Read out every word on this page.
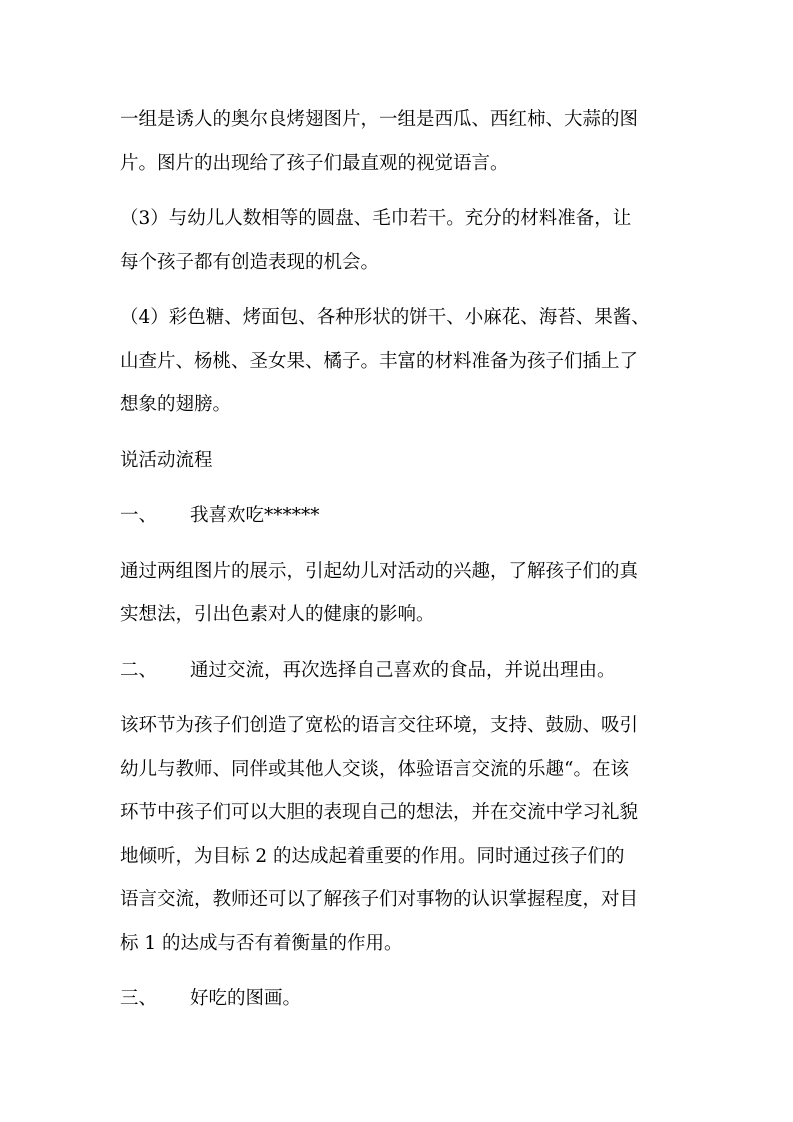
一组是诱人的奥尔良烤翅图片，一组是西瓜、西红柿、大蒜的图
片。图片的出现给了孩子们最直观的视觉语言。

（3）与幼儿人数相等的圆盘、毛巾若干。充分的材料准备，让
每个孩子都有创造表现的机会。

（4）彩色糖、烤面包、各种形状的饼干、小麻花、海苔、果酱、
山查片、杨桃、圣女果、橘子。丰富的材料准备为孩子们插上了
想象的翅膀。

说活动流程

一、	我喜欢吃******

通过两组图片的展示，引起幼儿对活动的兴趣，了解孩子们的真
实想法，引出色素对人的健康的影响。

二、	通过交流，再次选择自己喜欢的食品，并说出理由。

该环节为孩子们创造了宽松的语言交往环境，支持、鼓励、吸引
幼儿与教师、同伴或其他人交谈，体验语言交流的乐趣“。在该
环节中孩子们可以大胆的表现自己的想法，并在交流中学习礼貌
地倾听，为目标 2 的达成起着重要的作用。同时通过孩子们的
语言交流，教师还可以了解孩子们对事物的认识掌握程度，对目
标 1 的达成与否有着衡量的作用。

三、	好吃的图画。
